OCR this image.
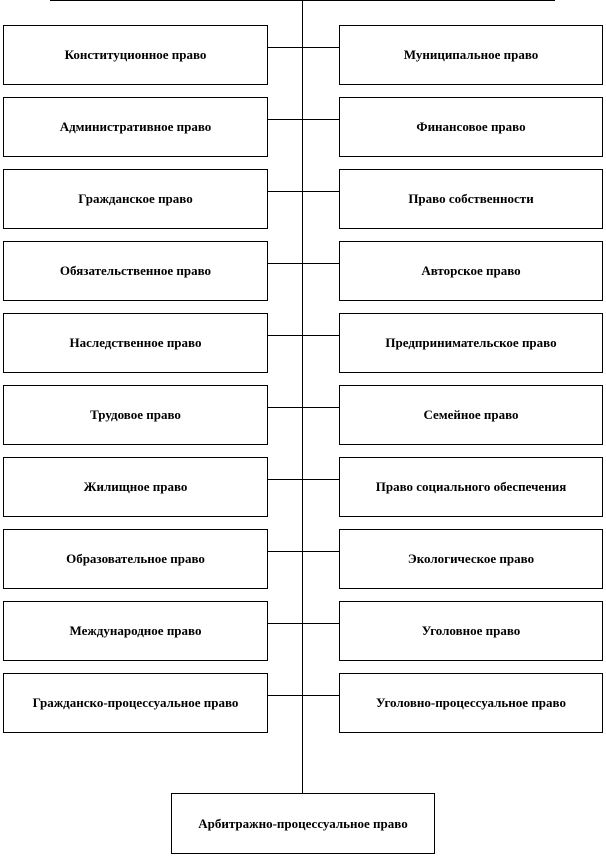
Конституционное право
Административное право
Гражданское право
Обязательственное право
Наследственное право
Трудовое право
Жилищное право
Образовательное право
Международное право
Гражданско-процессуальное право
Муниципальное право
Финансовое право
Право собственности
Авторское право
Предпринимательское право
Семейное право
Право социального обеспечения
Экологическое право
Уголовное право
Уголовно-процессуальное право
Арбитражно-процессуальное право
